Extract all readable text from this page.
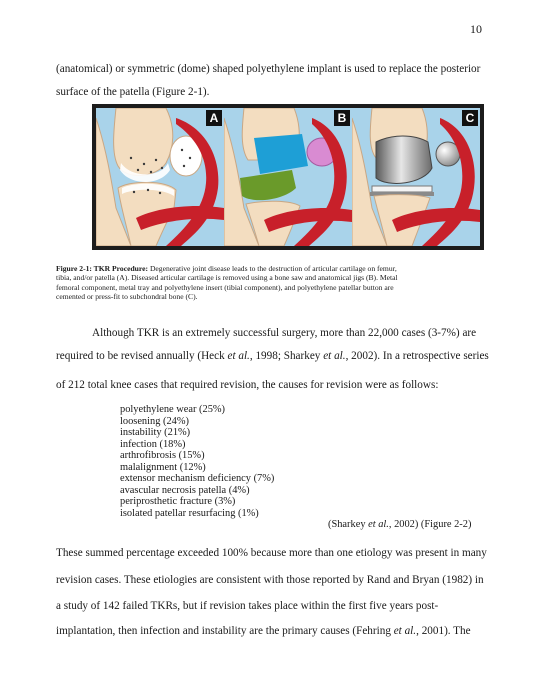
10
(anatomical) or symmetric (dome) shaped polyethylene implant is used to replace the posterior
surface of the patella (Figure 2-1).
A	B	C
Figure 2-1: TKR Procedure: Degenerative joint disease leads to the destruction of articular cartilage on femur,
tibia, and/or patella (A). Diseased articular cartilage is removed using a bone saw and anatomical jigs (B). Metal
femoral component, metal tray and polyethylene insert (tibial component), and polyethylene patellar button are
cemented or press-fit to subchondral bone (C).
Although TKR is an extremely successful surgery, more than 22,000 cases (3-7%) are
required to be revised annually (Heck et al., 1998; Sharkey et al., 2002). In a retrospective series
of 212 total knee cases that required revision, the causes for revision were as follows:
polyethylene wear (25%)
loosening (24%)
instability (21%)
infection (18%)
arthrofibrosis (15%)
malalignment (12%)
extensor mechanism deficiency (7%)
avascular necrosis patella (4%)
periprosthetic fracture (3%)
isolated patellar resurfacing (1%)
(Sharkey et al., 2002) (Figure 2-2)
These summed percentage exceeded 100% because more than one etiology was present in many
revision cases. These etiologies are consistent with those reported by Rand and Bryan (1982) in
a study of 142 failed TKRs, but if revision takes place within the first five years post-
implantation, then infection and instability are the primary causes (Fehring et al., 2001). The
